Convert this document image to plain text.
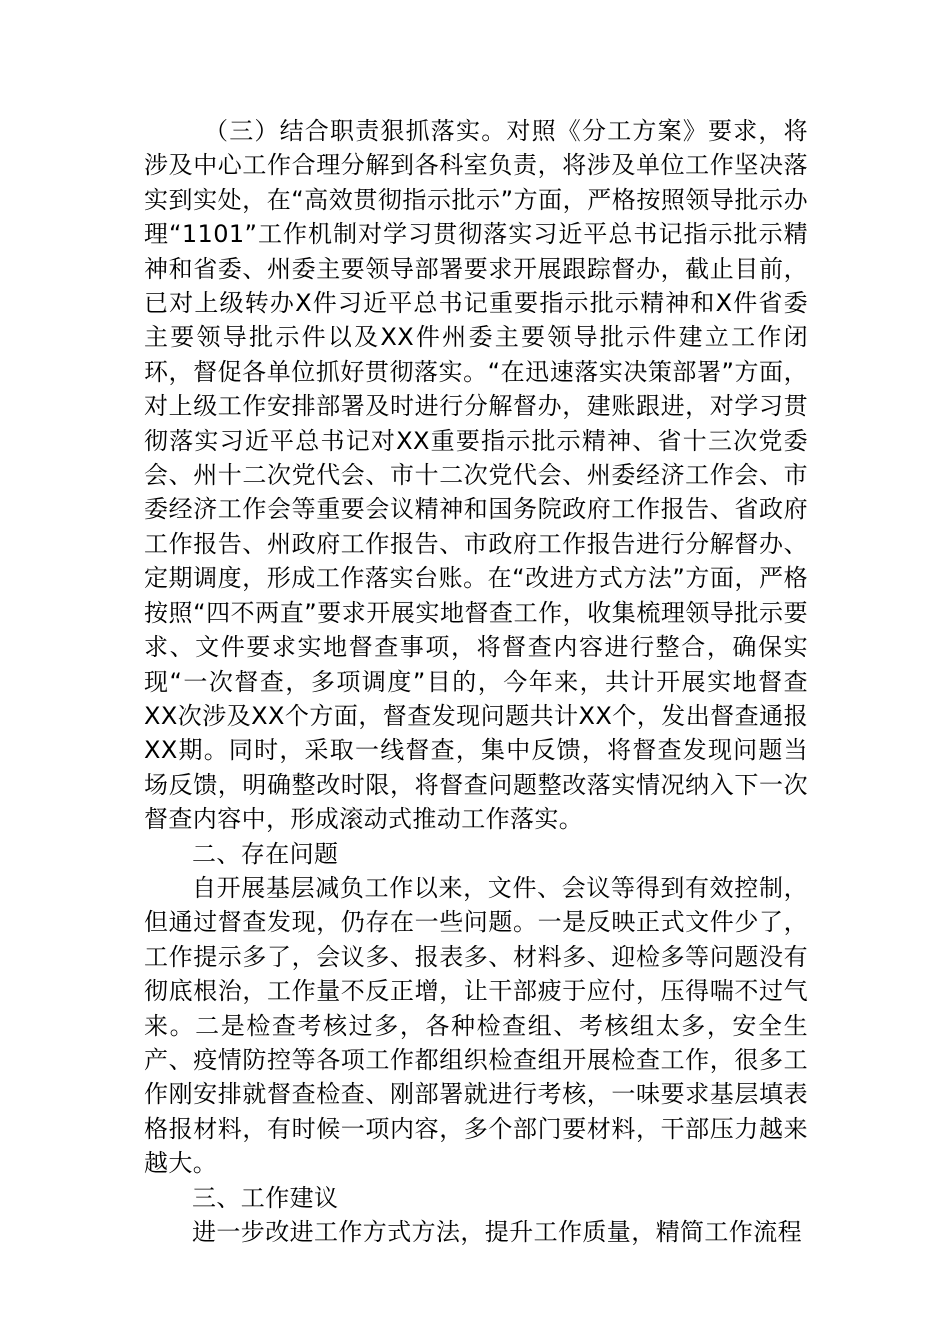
（三）结合职责狠抓落实。对照《分工方案》要求，将涉及中心工作合理分解到各科室负责，将涉及单位工作坚决落实到实处，在“高效贯彻指示批示”方面，严格按照领导批示办理“1101”工作机制对学习贯彻落实习近平总书记指示批示精神和省委、州委主要领导部署要求开展跟踪督办，截止目前，已对上级转办X件习近平总书记重要指示批示精神和X件省委主要领导批示件以及XX件州委主要领导批示件建立工作闭环，督促各单位抓好贯彻落实。“在迅速落实决策部署”方面，对上级工作安排部署及时进行分解督办，建账跟进，对学习贯彻落实习近平总书记对XX重要指示批示精神、省十三次党委会、州十二次党代会、市十二次党代会、州委经济工作会、市委经济工作会等重要会议精神和国务院政府工作报告、省政府工作报告、州政府工作报告、市政府工作报告进行分解督办、定期调度，形成工作落实台账。在“改进方式方法”方面，严格按照“四不两直”要求开展实地督查工作，收集梳理领导批示要求、文件要求实地督查事项，将督查内容进行整合，确保实现“一次督查，多项调度”目的，今年来，共计开展实地督查XX次涉及XX个方面，督查发现问题共计XX个，发出督查通报XX期。同时，采取一线督查，集中反馈，将督查发现问题当场反馈，明确整改时限，将督查问题整改落实情况纳入下一次督查内容中，形成滚动式推动工作落实。

二、存在问题

自开展基层减负工作以来，文件、会议等得到有效控制，但通过督查发现，仍存在一些问题。一是反映正式文件少了，工作提示多了，会议多、报表多、材料多、迎检多等问题没有彻底根治，工作量不反正增，让干部疲于应付，压得喘不过气来。二是检查考核过多，各种检查组、考核组太多，安全生产、疫情防控等各项工作都组织检查组开展检查工作，很多工作刚安排就督查检查、刚部署就进行考核，一味要求基层填表格报材料，有时候一项内容，多个部门要材料，干部压力越来越大。

三、工作建议

进一步改进工作方式方法，提升工作质量，精简工作流程
